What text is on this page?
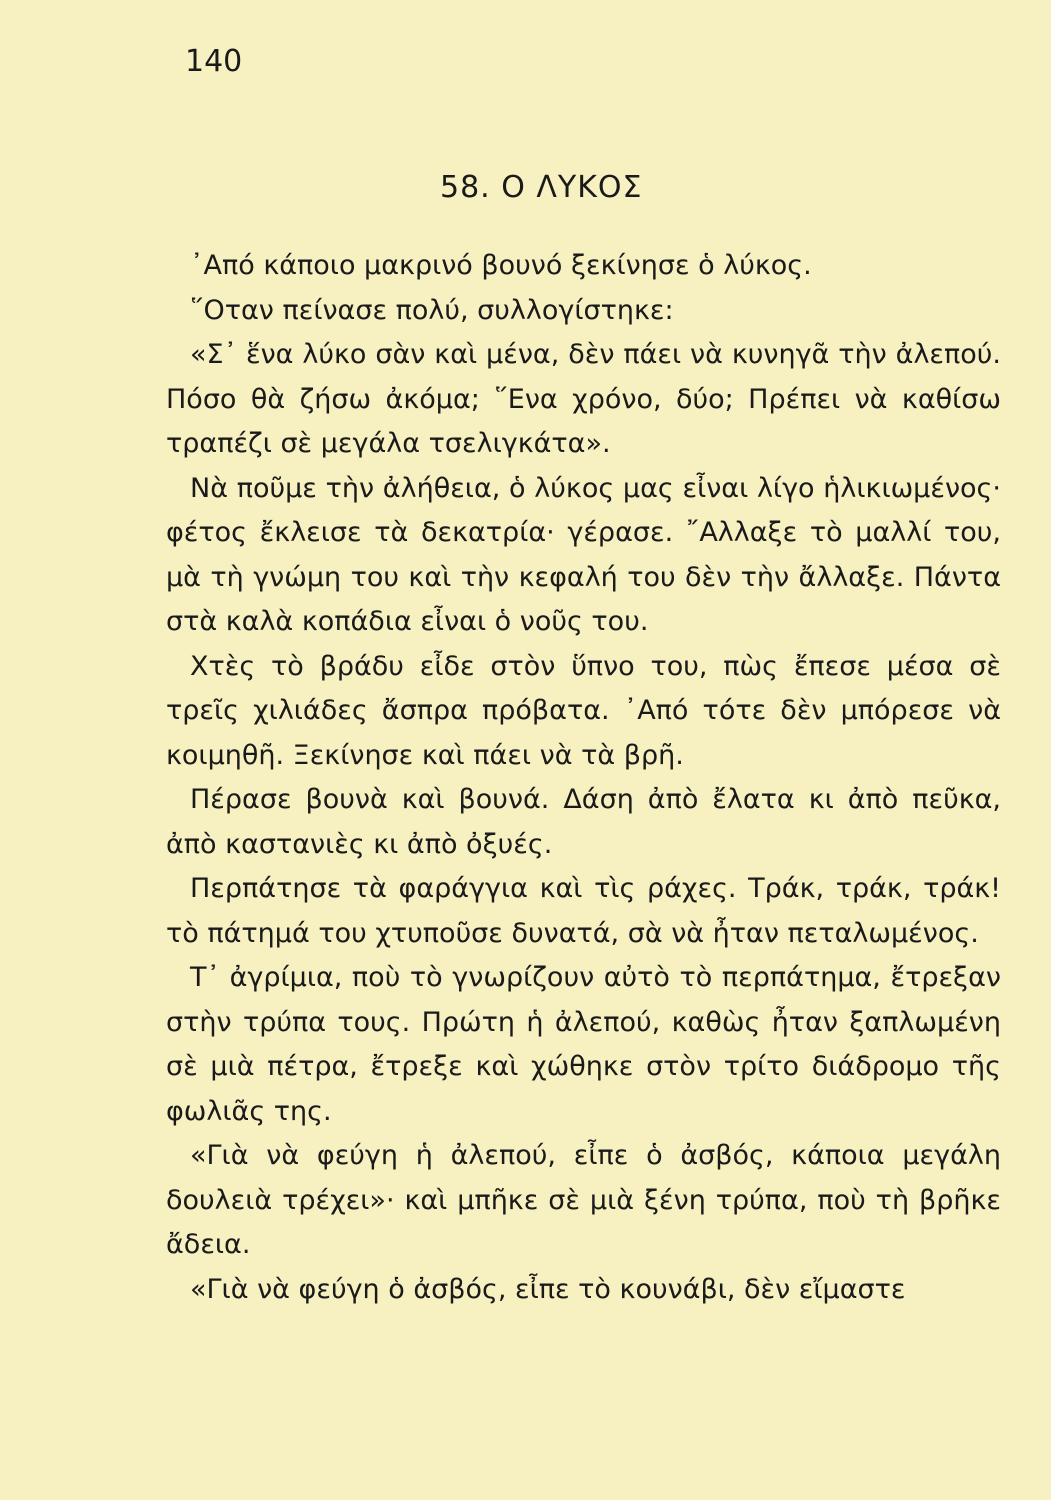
140
58. Ο ΛΥΚΟΣ

᾿Από κάποιο μακρινό βουνό ξεκίνησε ὁ λύκος.

῞Οταν πείνασε πολύ, συλλογίστηκε:

«Σ᾿ ἕνα λύκο σὰν καὶ μένα, δὲν πάει νὰ κυνηγᾶ τὴν ἀλεπού. Πόσο θὰ ζήσω ἀκόμα; ῞Ενα χρόνο, δύο; Πρέπει νὰ καθίσω τραπέζι σὲ μεγάλα τσελιγκάτα».

Νὰ ποῦμε τὴν ἀλήθεια, ὁ λύκος μας εἶναι λίγο ἡλικιωμένος· φέτος ἔκλεισε τὰ δεκατρία· γέρασε. ῎Αλλαξε τὸ μαλλί του, μὰ τὴ γνώμη του καὶ τὴν κεφαλή του δὲν τὴν ἄλλαξε. Πάντα στὰ καλὰ κοπάδια εἶναι ὁ νοῦς του.

Χτὲς τὸ βράδυ εἶδε στὸν ὕπνο του, πὼς ἔπεσε μέσα σὲ τρεῖς χιλιάδες ἄσπρα πρόβατα. ᾿Από τότε δὲν μπόρεσε νὰ κοιμηθῆ. Ξεκίνησε καὶ πάει νὰ τὰ βρῆ.

Πέρασε βουνὰ καὶ βουνά. Δάση ἀπὸ ἔλατα κι ἀπὸ πεῦκα, ἀπὸ καστανιὲς κι ἀπὸ ὀξυές.

Περπάτησε τὰ φαράγγια καὶ τὶς ράχες. Τράκ, τράκ, τράκ! τὸ πάτημά του χτυποῦσε δυνατά, σὰ νὰ ἦταν πεταλωμένος.

Τ᾿ ἀγρίμια, ποὺ τὸ γνωρίζουν αὐτὸ τὸ περπάτημα, ἔτρεξαν στὴν τρύπα τους. Πρώτη ἡ ἀλεπού, καθὼς ἦταν ξαπλωμένη σὲ μιὰ πέτρα, ἔτρεξε καὶ χώθηκε στὸν τρίτο διάδρομο τῆς φωλιᾶς της.

«Γιὰ νὰ φεύγη ἡ ἀλεπού, εἶπε ὁ ἀσβός, κάποια μεγάλη δουλειὰ τρέχει»· καὶ μπῆκε σὲ μιὰ ξένη τρύπα, ποὺ τὴ βρῆκε ἄδεια.

«Γιὰ νὰ φεύγη ὁ ἀσβός, εἶπε τὸ κουνάβι, δὲν εἴμαστε
